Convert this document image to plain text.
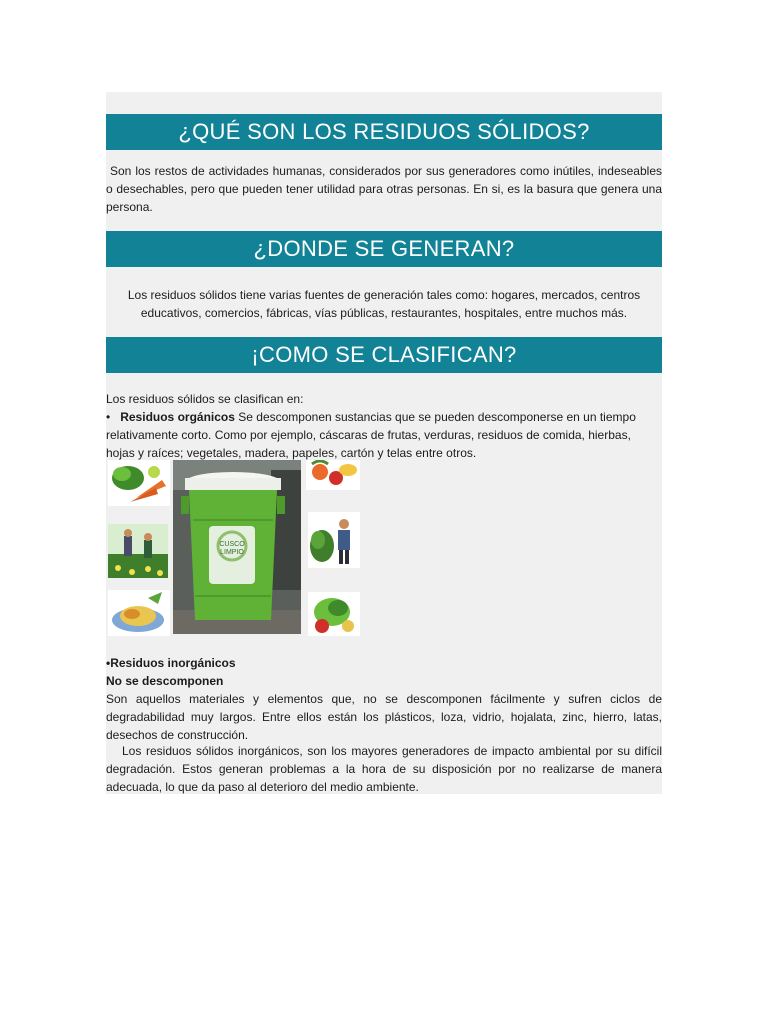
¿QUÉ SON LOS RESIDUOS SÓLIDOS?

Son los restos de actividades humanas, considerados por sus generadores como inútiles, indeseables o desechables, pero que pueden tener utilidad para otras personas. En si, es la basura que genera una persona.

¿DONDE SE GENERAN?

Los residuos sólidos tiene varias fuentes de generación tales como: hogares, mercados, centros educativos, comercios, fábricas, vías públicas, restaurantes, hospitales, entre muchos más.

¡COMO SE CLASIFICAN?

Los residuos sólidos se clasifican en:

• Residuos orgánicos Se descomponen sustancias que se pueden descomponerse en un tiempo relativamente corto. Como por ejemplo, cáscaras de frutas, verduras, residuos de comida, hierbas, hojas y raíces; vegetales, madera, papeles, cartón y telas entre otros.

CUSCO
LIMPIO

•Residuos inorgánicos

No se descomponen

Son aquellos materiales y elementos que, no se descomponen fácilmente y sufren ciclos de degradabilidad muy largos. Entre ellos están los plásticos, loza, vidrio, hojalata, zinc, hierro, latas, desechos de construcción.

Los residuos sólidos inorgánicos, son los mayores generadores de impacto ambiental por su difícil degradación. Estos generan problemas a la hora de su disposición por no realizarse de manera adecuada, lo que da paso al deterioro del medio ambiente.
